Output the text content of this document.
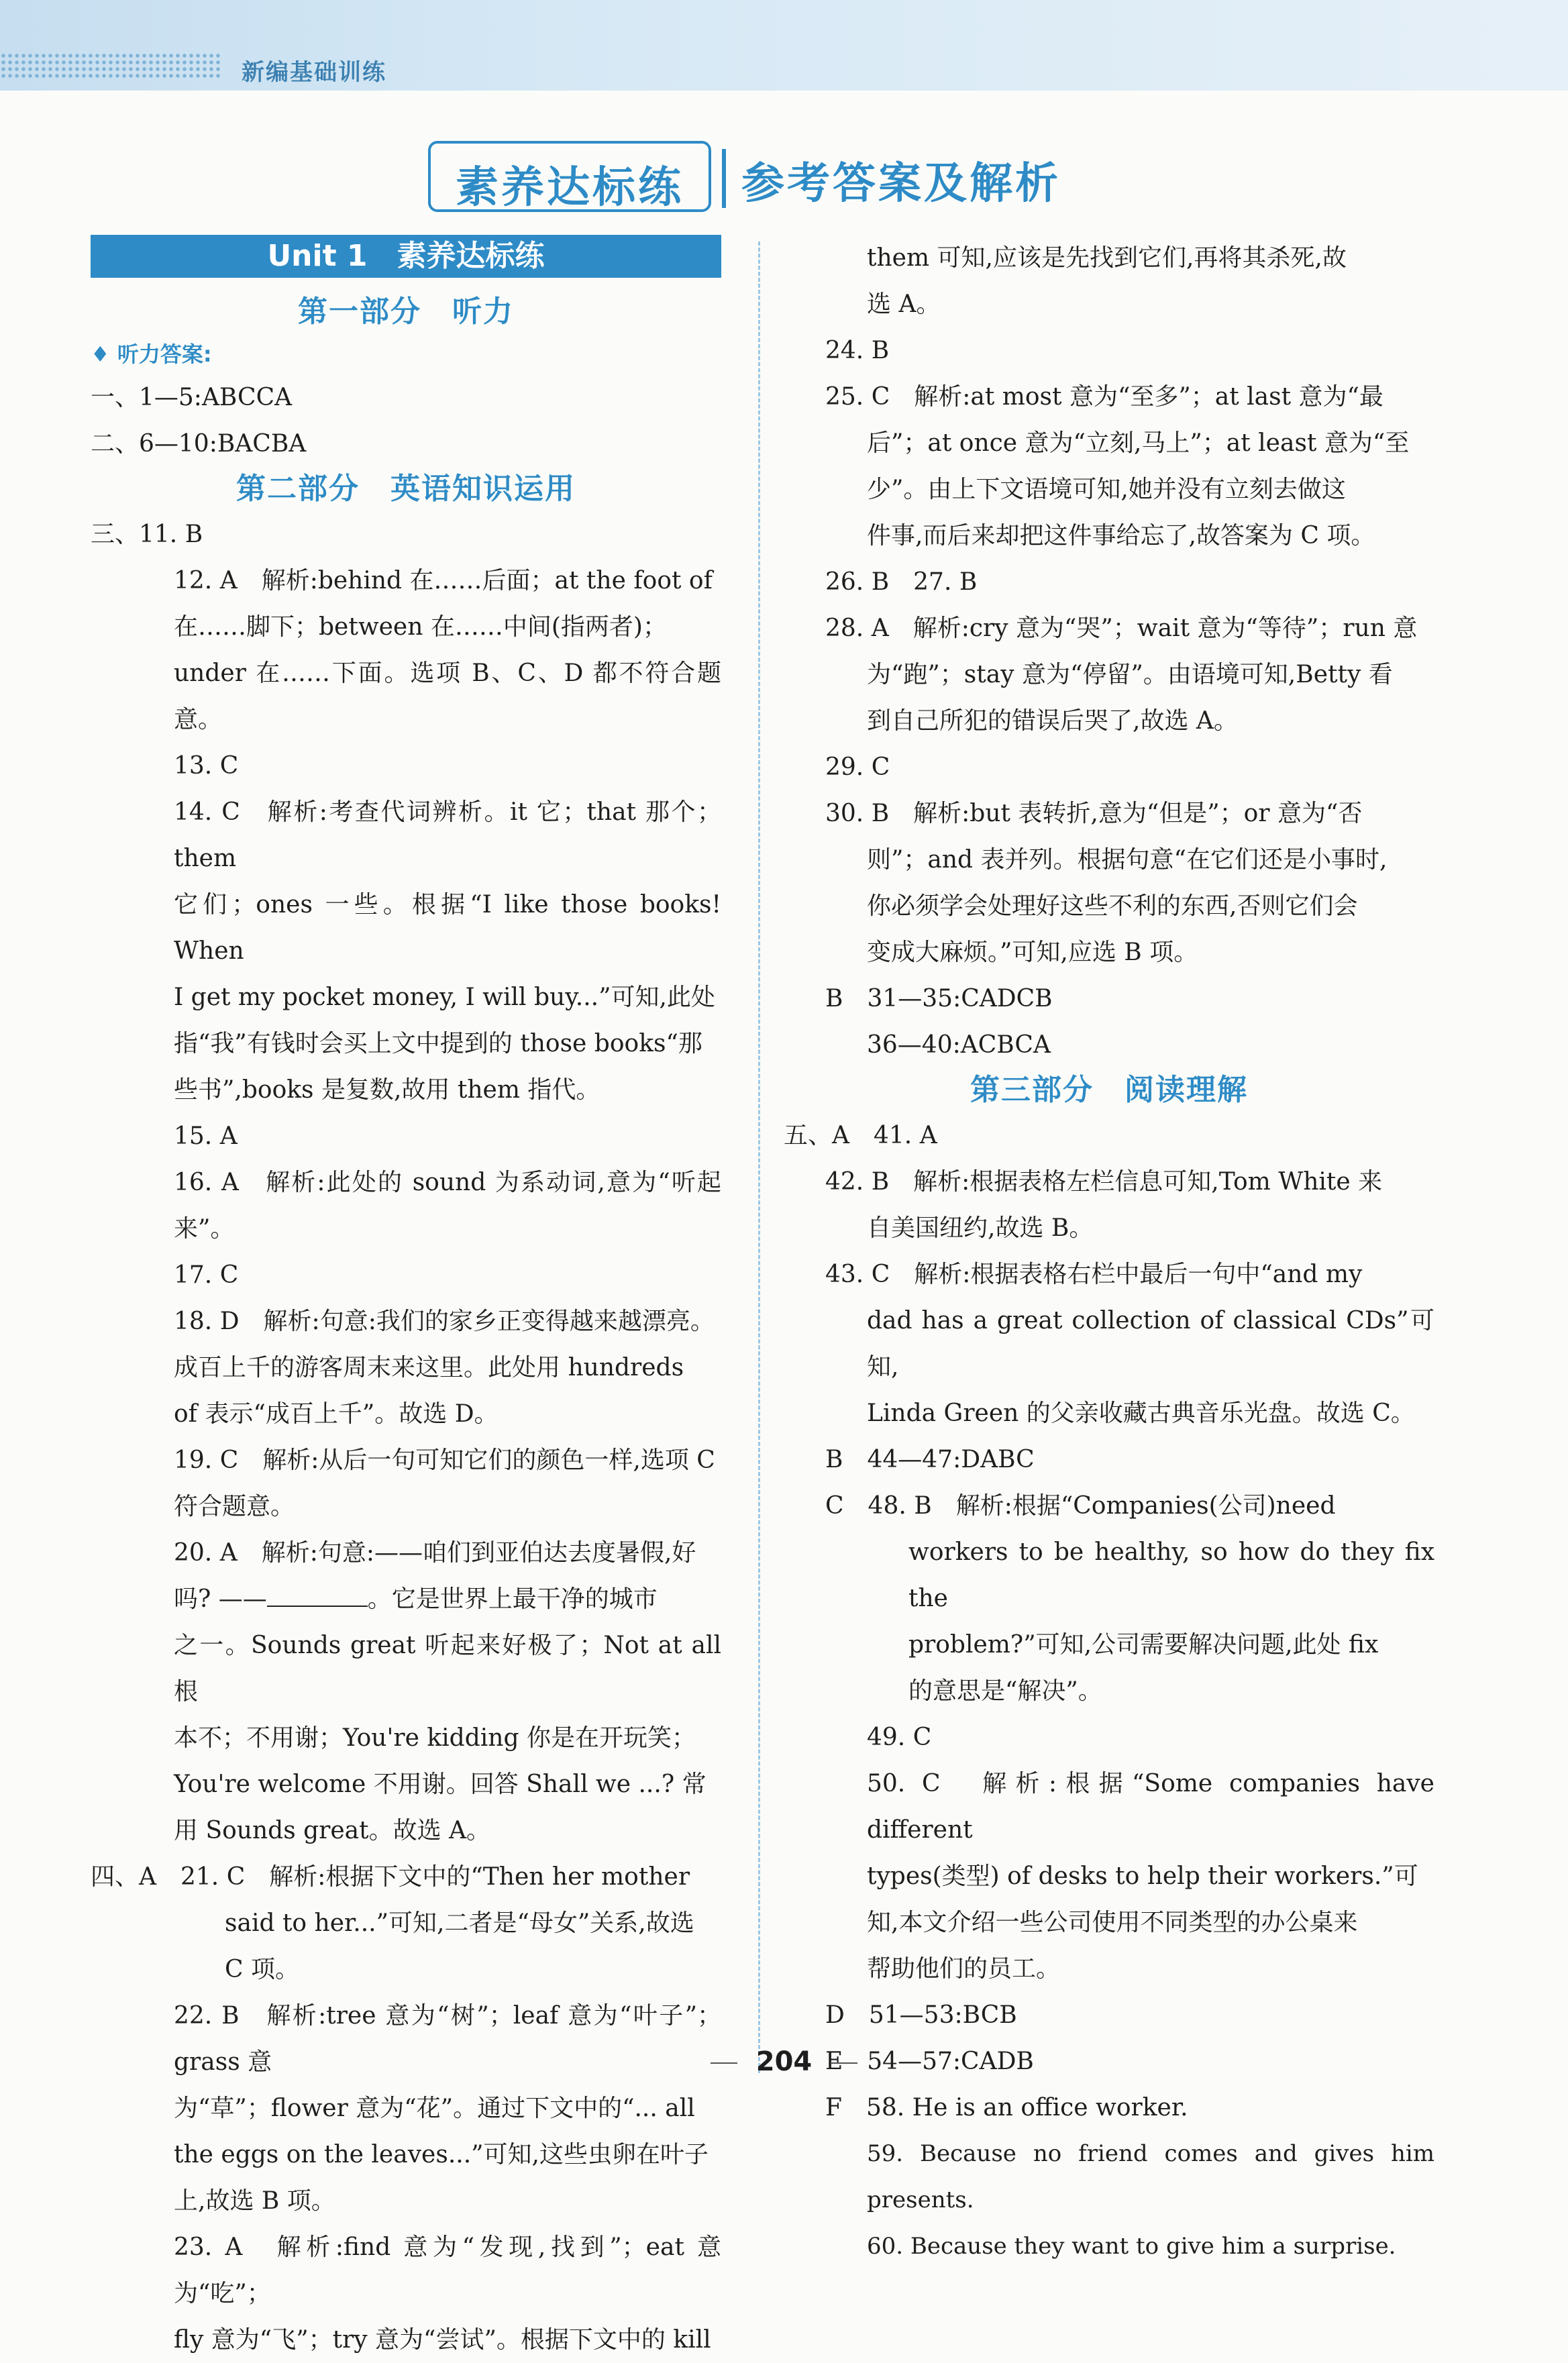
新编基础训练
素养达标练	参考答案及解析
Unit 1　素养达标练
第一部分　听力
♦ 听力答案:
一、1—5:ABCCA
二、6—10:BACBA
第二部分　英语知识运用
三、11. B
12. A　解析:behind 在……后面；at the foot of
在……脚下；between 在……中间(指两者)；
under 在……下面。选项 B、C、D 都不符合题意。
13. C
14. C　解析:考查代词辨析。it 它；that 那个；them
它们；ones 一些。根据“I like those books! When
I get my pocket money, I will buy...”可知,此处
指“我”有钱时会买上文中提到的 those books“那
些书”,books 是复数,故用 them 指代。
15. A
16. A　解析:此处的 sound 为系动词,意为“听起来”。
17. C
18. D　解析:句意:我们的家乡正变得越来越漂亮。
成百上千的游客周末来这里。此处用 hundreds
of 表示“成百上千”。故选 D。
19. C　解析:从后一句可知它们的颜色一样,选项 C
符合题意。
20. A　解析:句意:——咱们到亚伯达去度暑假,好
吗? ——	。它是世界上最干净的城市
之一。Sounds great 听起来好极了；Not at all 根
本不；不用谢；You're kidding 你是在开玩笑；
You're welcome 不用谢。回答 Shall we ...? 常
用 Sounds great。故选 A。
四、A　21. C　解析:根据下文中的“Then her mother
said to her...”可知,二者是“母女”关系,故选
C 项。
22. B　解析:tree 意为“树”；leaf 意为“叶子”；grass 意
为“草”；flower 意为“花”。通过下文中的“... all
the eggs on the leaves...”可知,这些虫卵在叶子
上,故选 B 项。
23. A　解析:find 意为“发现,找到”；eat 意为“吃”；
fly 意为“飞”；try 意为“尝试”。根据下文中的 kill
them 可知,应该是先找到它们,再将其杀死,故
选 A。
24. B
25. C　解析:at most 意为“至多”；at last 意为“最
后”；at once 意为“立刻,马上”；at least 意为“至
少”。由上下文语境可知,她并没有立刻去做这
件事,而后来却把这件事给忘了,故答案为 C 项。
26. B　27. B
28. A　解析:cry 意为“哭”；wait 意为“等待”；run 意
为“跑”；stay 意为“停留”。由语境可知,Betty 看
到自己所犯的错误后哭了,故选 A。
29. C
30. B　解析:but 表转折,意为“但是”；or 意为“否
则”；and 表并列。根据句意“在它们还是小事时,
你必须学会处理好这些不利的东西,否则它们会
变成大麻烦。”可知,应选 B 项。
B　31—35:CADCB
36—40:ACBCA
第三部分　阅读理解
五、A　41. A
42. B　解析:根据表格左栏信息可知,Tom White 来
自美国纽约,故选 B。
43. C　解析:根据表格右栏中最后一句中“and my
dad has a great collection of classical CDs”可知,
Linda Green 的父亲收藏古典音乐光盘。故选 C。
B　44—47:DABC
C　48. B　解析:根据“Companies(公司)need
workers to be healthy, so how do they fix the
problem?”可知,公司需要解决问题,此处 fix
的意思是“解决”。
49. C
50. C　解析:根据“Some companies have different
types(类型) of desks to help their workers.”可
知,本文介绍一些公司使用不同类型的办公桌来
帮助他们的员工。
D　51—53:BCB
E　54—57:CADB
F　58. He is an office worker.
59. Because no friend comes and gives him presents.
60. Because they want to give him a surprise.
204
